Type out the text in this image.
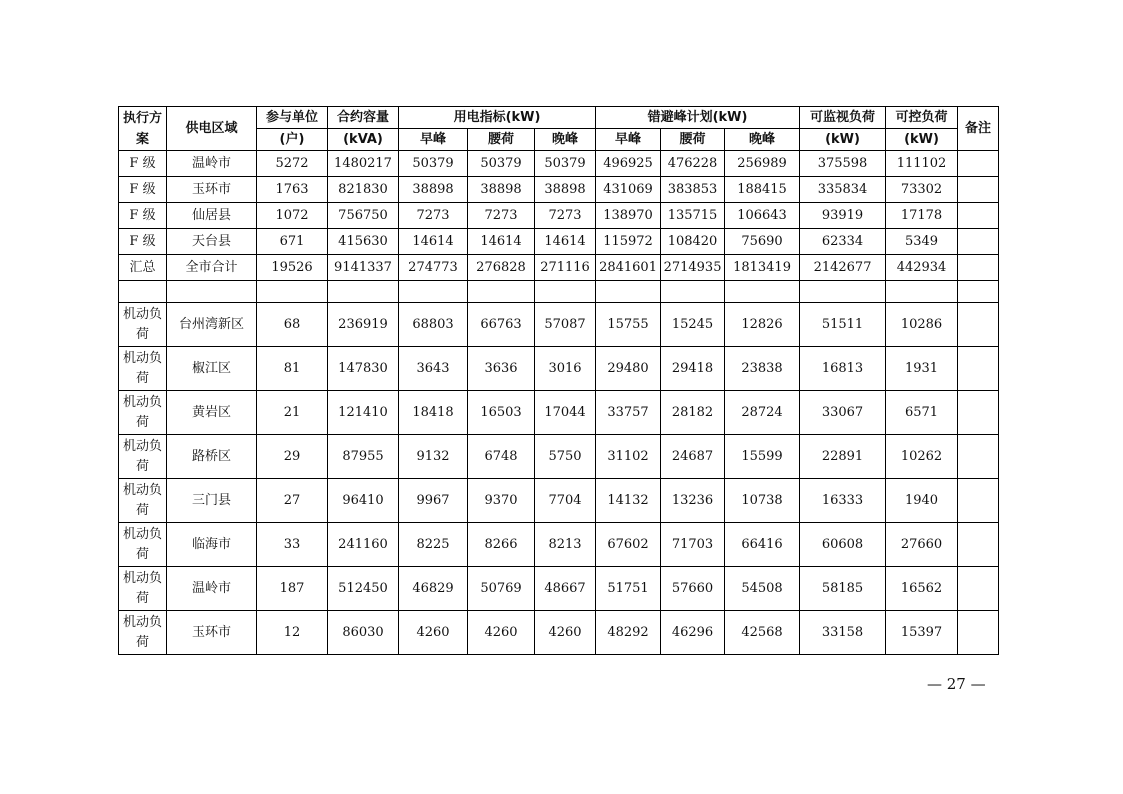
执行方案	供电区域	参与单位	合约容量	用电指标(kW)			错避峰计划(kW)			可监视负荷	可控负荷	备注
		(户)	(kVA)	早峰	腰荷	晚峰	早峰	腰荷	晚峰	(kW)	(kW)	
F 级	温岭市	5272	1480217	50379	50379	50379	496925	476228	256989	375598	111102	
F 级	玉环市	1763	821830	38898	38898	38898	431069	383853	188415	335834	73302	
F 级	仙居县	1072	756750	7273	7273	7273	138970	135715	106643	93919	17178	
F 级	天台县	671	415630	14614	14614	14614	115972	108420	75690	62334	5349	
汇总	全市合计	19526	9141337	274773	276828	271116	2841601	2714935	1813419	2142677	442934	

机动负荷	台州湾新区	68	236919	68803	66763	57087	15755	15245	12826	51511	10286	
机动负荷	椒江区	81	147830	3643	3636	3016	29480	29418	23838	16813	1931	
机动负荷	黄岩区	21	121410	18418	16503	17044	33757	28182	28724	33067	6571	
机动负荷	路桥区	29	87955	9132	6748	5750	31102	24687	15599	22891	10262	
机动负荷	三门县	27	96410	9967	9370	7704	14132	13236	10738	16333	1940	
机动负荷	临海市	33	241160	8225	8266	8213	67602	71703	66416	60608	27660	
机动负荷	温岭市	187	512450	46829	50769	48667	51751	57660	54508	58185	16562	
机动负荷	玉环市	12	86030	4260	4260	4260	48292	46296	42568	33158	15397	
— 27 —
